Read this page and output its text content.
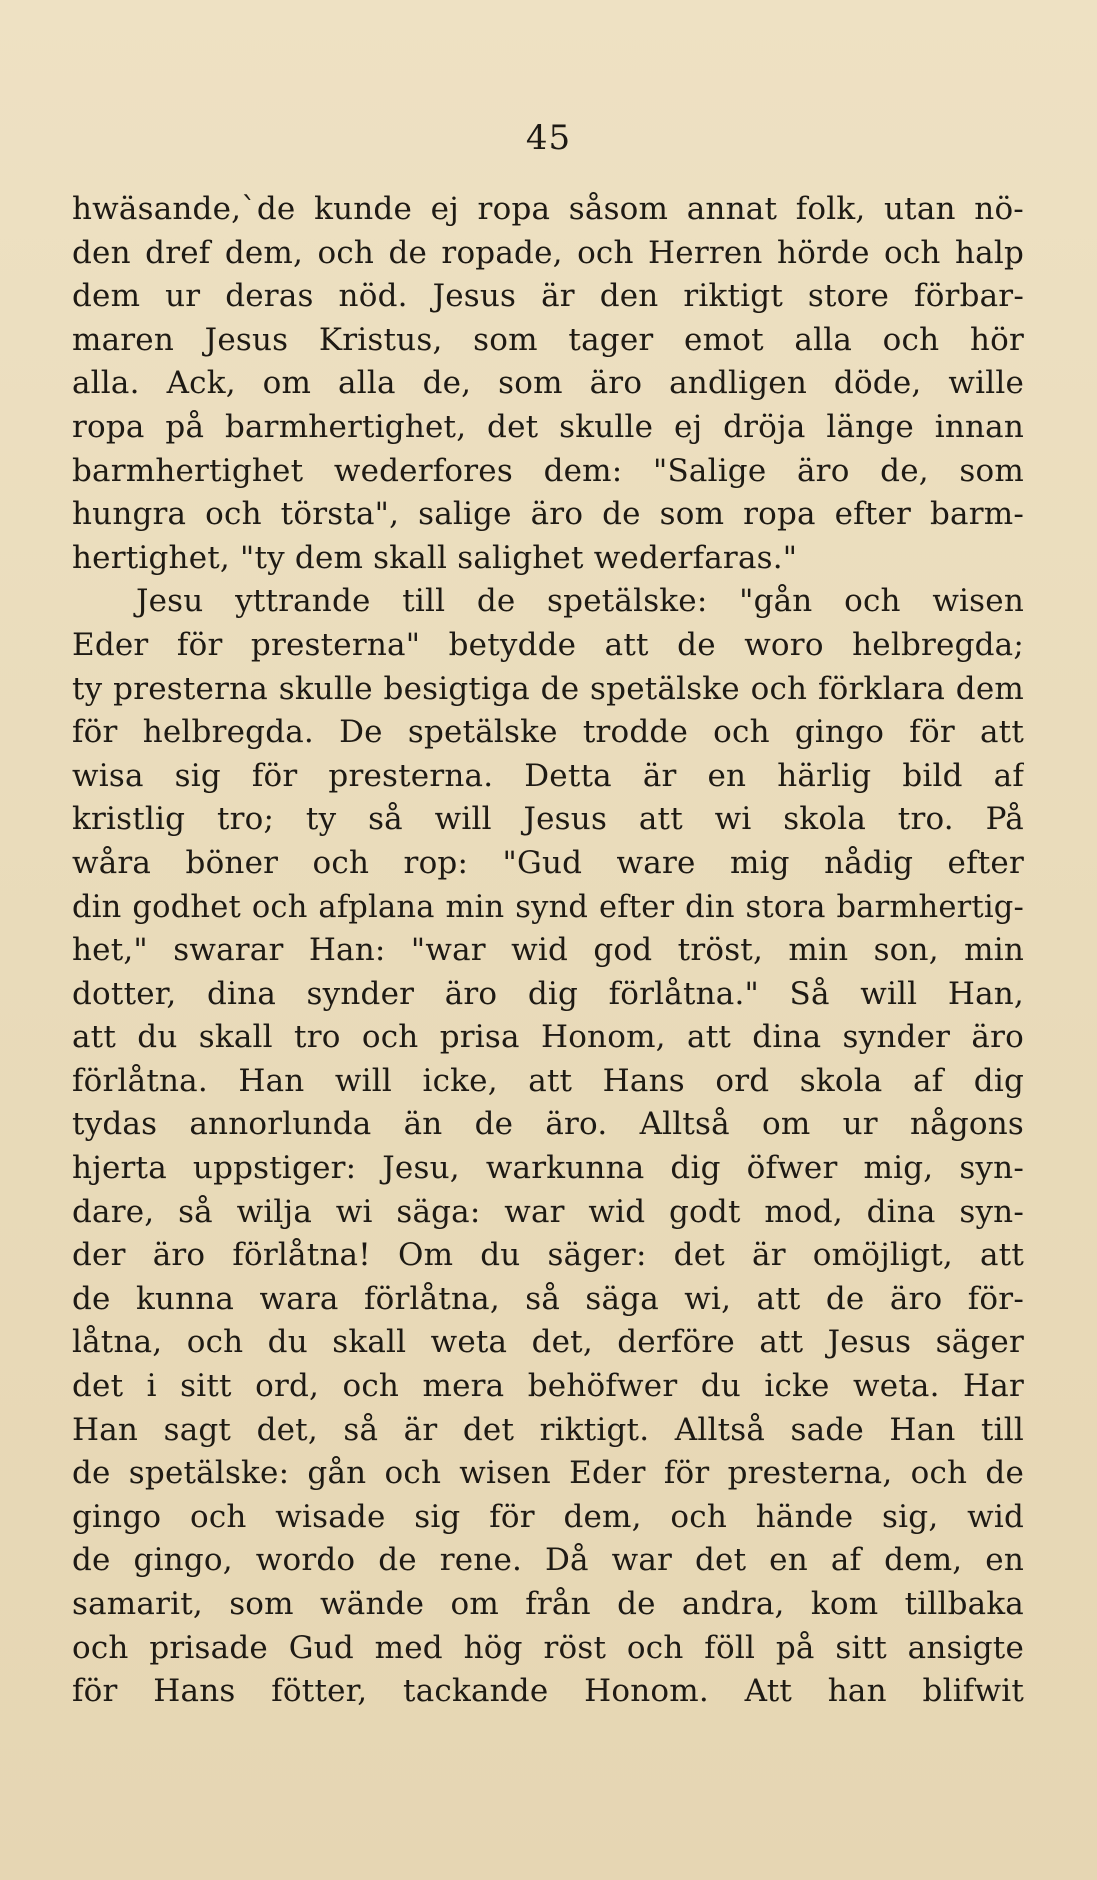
45
hwäsande,`de kunde ej ropa såsom annat folk, utan nö-
den dref dem, och de ropade, och Herren hörde och halp
dem ur deras nöd. Jesus är den riktigt store förbar-
maren Jesus Kristus, som tager emot alla och hör
alla. Ack, om alla de, som äro andligen döde, wille
ropa på barmhertighet, det skulle ej dröja länge innan
barmhertighet wederfores dem: "Salige äro de, som
hungra och törsta", salige äro de som ropa efter barm-
hertighet, "ty dem skall salighet wederfaras."
Jesu yttrande till de spetälske: "gån och wisen
Eder för presterna" betydde att de woro helbregda;
ty presterna skulle besigtiga de spetälske och förklara dem
för helbregda. De spetälske trodde och gingo för att
wisa sig för presterna. Detta är en härlig bild af
kristlig tro; ty så will Jesus att wi skola tro. På
wåra böner och rop: "Gud ware mig nådig efter
din godhet och afplana min synd efter din stora barmhertig-
het," swarar Han: "war wid god tröst, min son, min
dotter, dina synder äro dig förlåtna." Så will Han,
att du skall tro och prisa Honom, att dina synder äro
förlåtna. Han will icke, att Hans ord skola af dig
tydas annorlunda än de äro. Alltså om ur någons
hjerta uppstiger: Jesu, warkunna dig öfwer mig, syn-
dare, så wilja wi säga: war wid godt mod, dina syn-
der äro förlåtna! Om du säger: det är omöjligt, att
de kunna wara förlåtna, så säga wi, att de äro för-
låtna, och du skall weta det, derföre att Jesus säger
det i sitt ord, och mera behöfwer du icke weta. Har
Han sagt det, så är det riktigt. Alltså sade Han till
de spetälske: gån och wisen Eder för presterna, och de
gingo och wisade sig för dem, och hände sig, wid
de gingo, wordo de rene. Då war det en af dem, en
samarit, som wände om från de andra, kom tillbaka
och prisade Gud med hög röst och föll på sitt ansigte
för Hans fötter, tackande Honom. Att han blifwit
